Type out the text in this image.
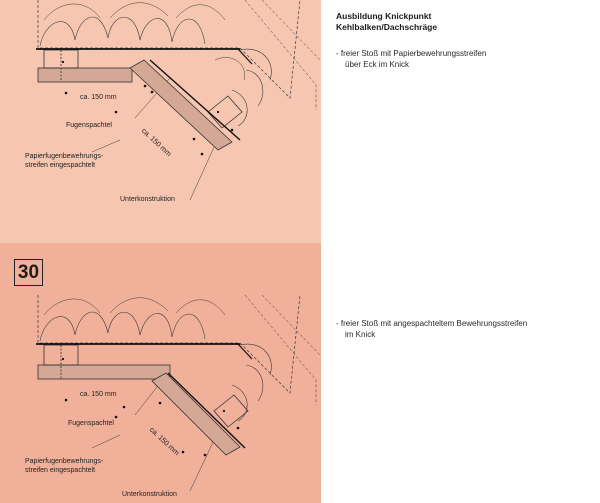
ca. 150 mm
ca. 150 mm
Fugenspachtel
Papierfugenbewehrungs-
streifen eingespachtelt
Unterkonstruktion
30
ca. 150 mm
ca. 150 mm
Fugenspachtel
Papierfugenbewehrungs-
streifen eingespachtelt
Unterkonstruktion
Ausbildung Knickpunkt
Kehlbalken/Dachschräge
- freier Stoß mit Papierbewehrungsstreifen
über Eck im Knick
- freier Stoß mit angespachteltem Bewehrungsstreifen
im Knick
